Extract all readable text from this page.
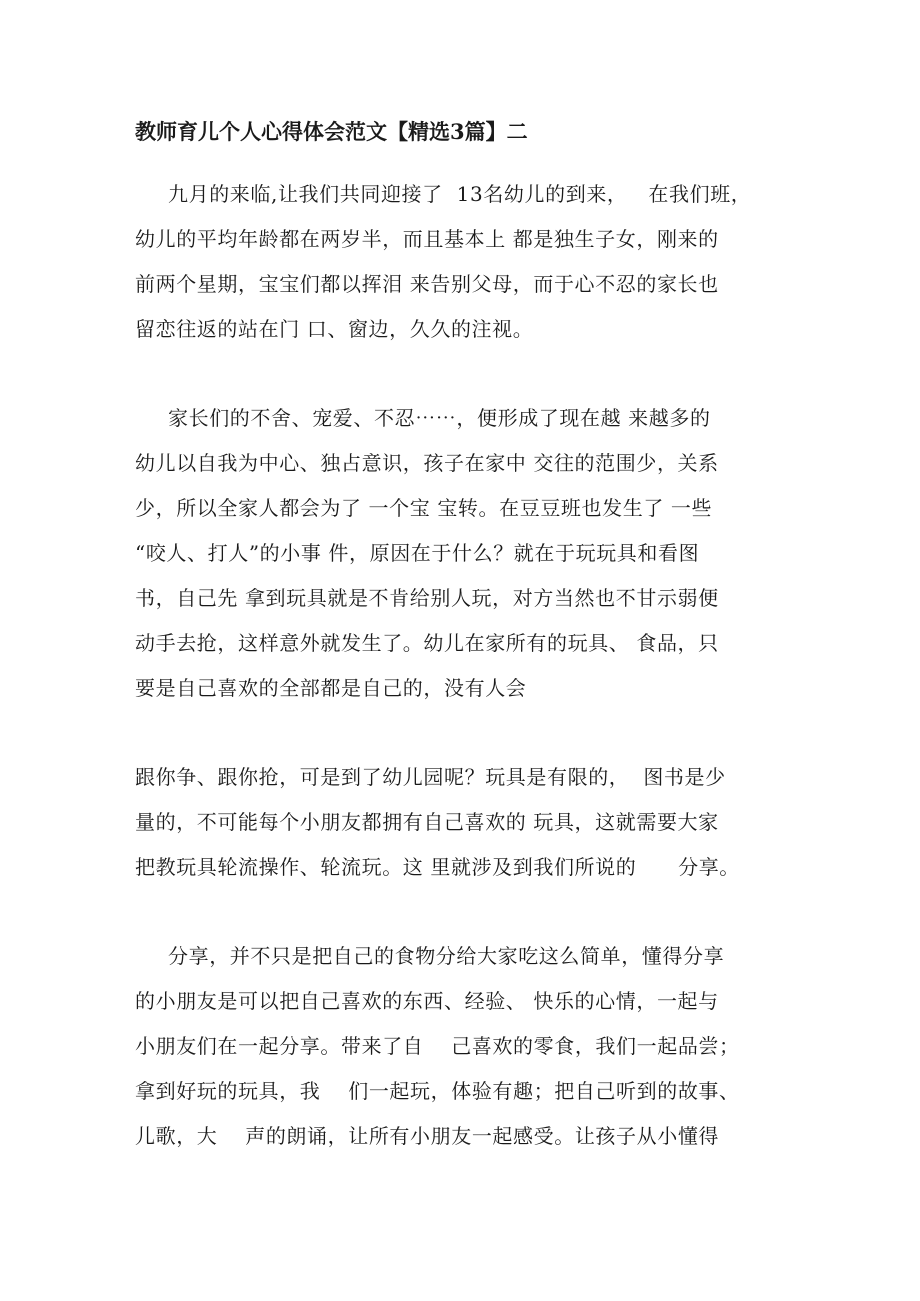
教师育儿个人心得体会范文【精选3篇】二

九月的来临,让我们共同迎接了  13名幼儿的到来，   在我们班，

幼儿的平均年龄都在两岁半，而且基本上 都是独生子女，刚来的

前两个星期，宝宝们都以挥泪 来告别父母，而于心不忍的家长也

留恋往返的站在门 口、窗边，久久的注视。

家长们的不舍、宠爱、不忍⋯⋯，便形成了现在越 来越多的

幼儿以自我为中心、独占意识，孩子在家中 交往的范围少，关系

少，所以全家人都会为了 一个宝 宝转。在豆豆班也发生了 一些

“咬人、打人”的小事 件，原因在于什么？就在于玩玩具和看图

书，自己先 拿到玩具就是不肯给别人玩，对方当然也不甘示弱便

动手去抢，这样意外就发生了。幼儿在家所有的玩具、 食品，只

要是自己喜欢的全部都是自己的，没有人会

跟你争、跟你抢，可是到了幼儿园呢？玩具是有限的，  图书是少

量的，不可能每个小朋友都拥有自己喜欢的 玩具，这就需要大家

把教玩具轮流操作、轮流玩。这 里就涉及到我们所说的      分享。

分享，并不只是把自己的食物分给大家吃这么简单，懂得分享

的小朋友是可以把自己喜欢的东西、经验、 快乐的心情，一起与

小朋友们在一起分享。带来了自    己喜欢的零食，我们一起品尝；

拿到好玩的玩具，我    们一起玩，体验有趣；把自己听到的故事、

儿歌，大    声的朗诵，让所有小朋友一起感受。让孩子从小懂得
